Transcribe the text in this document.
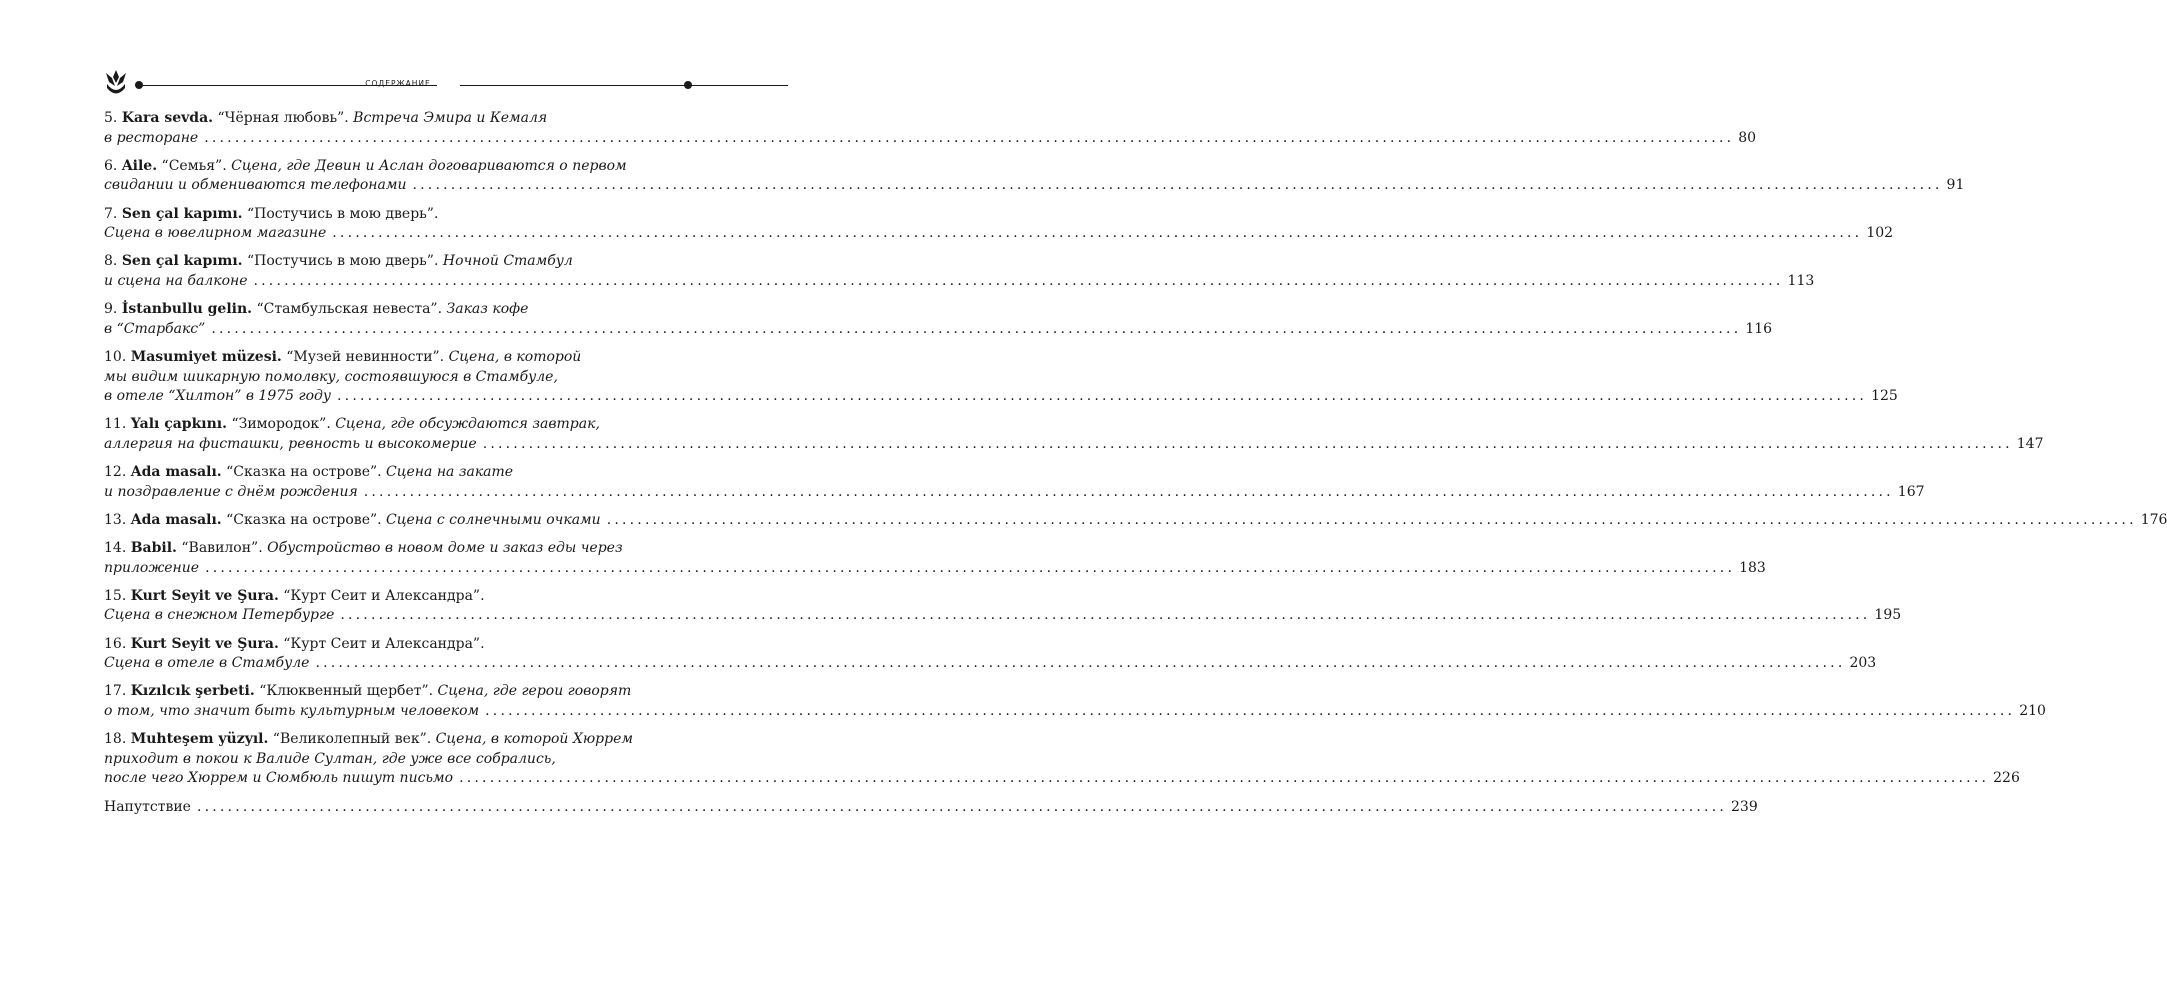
СОДЕРЖАНИЕ
5. Kara sevda. “Чёрная любовь”. Встреча Эмира и Кемаля
в ресторане ........................................................................................................................................................................................................ 80
6. Aile. “Семья”. Сцена, где Девин и Аслан договариваются о первом
свидании и обмениваются телефонами ........................................................................................................................................................................................................ 91
7. Sen çal kapımı. “Постучись в мою дверь”.
Сцена в ювелирном магазине ........................................................................................................................................................................................................ 102
8. Sen çal kapımı. “Постучись в мою дверь”. Ночной Стамбул
и сцена на балконе ........................................................................................................................................................................................................ 113
9. İstanbullu gelin. “Стамбульская невеста”. Заказ кофе
в “Старбакс” ........................................................................................................................................................................................................ 116
10. Masumiyet müzesi. “Музей невинности”. Сцена, в которой
мы видим шикарную помолвку, состоявшуюся в Стамбуле,
в отеле “Хилтон” в 1975 году ........................................................................................................................................................................................................ 125
11. Yalı çapkını. “Зимородок”. Сцена, где обсуждаются завтрак,
аллергия на фисташки, ревность и высокомерие ........................................................................................................................................................................................................ 147
12. Ada masalı. “Сказка на острове”. Сцена на закате
и поздравление с днём рождения ........................................................................................................................................................................................................ 167
13. Ada masalı. “Сказка на острове”. Сцена с солнечными очками ........................................................................................................................................................................................................ 176
14. Babil. “Вавилон”. Обустройство в новом доме и заказ еды через
приложение ........................................................................................................................................................................................................ 183
15. Kurt Seyit ve Şura. “Курт Сеит и Александра”.
Сцена в снежном Петербурге ........................................................................................................................................................................................................ 195
16. Kurt Seyit ve Şura. “Курт Сеит и Александра”.
Сцена в отеле в Стамбуле ........................................................................................................................................................................................................ 203
17. Kızılcık şerbeti. “Клюквенный щербет”. Сцена, где герои говорят
о том, что значит быть культурным человеком ........................................................................................................................................................................................................ 210
18. Muhteşem yüzyıl. “Великолепный век”. Сцена, в которой Хюррем
приходит в покои к Валиде Султан, где уже все собрались,
после чего Хюррем и Сюмбюль пишут письмо ........................................................................................................................................................................................................ 226
Напутствие ........................................................................................................................................................................................................ 239
